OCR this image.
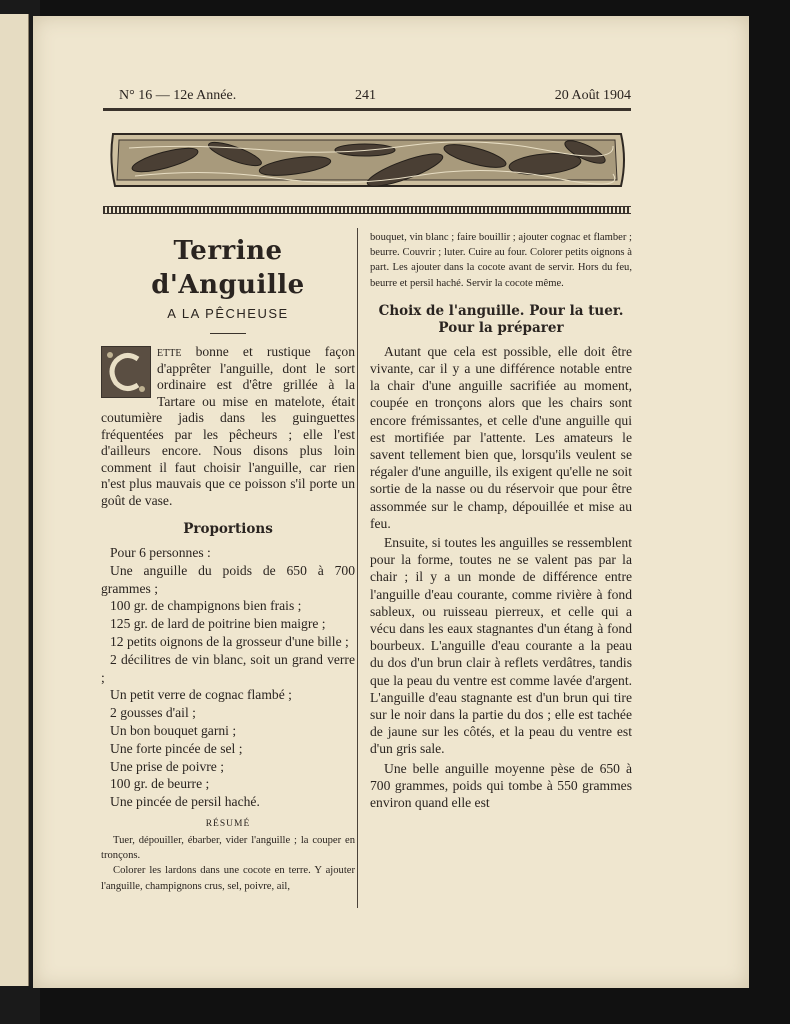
N° 16 — 12e Année.	241	20 Août 1904
Terrine d'Anguille
A LA PÊCHEUSE

ette bonne et rustique façon d'apprêter l'anguille, dont le sort ordinaire est d'être grillée à la Tartare ou mise en matelote, était coutumière jadis dans les guinguettes fréquentées par les pêcheurs ; elle l'est d'ailleurs encore. Nous disons plus loin comment il faut choisir l'anguille, car rien n'est plus mauvais que ce poisson s'il porte un goût de vase.

Proportions

Pour 6 personnes :

Une anguille du poids de 650 à 700 grammes ;

100 gr. de champignons bien frais ;

125 gr. de lard de poitrine bien maigre ;

12 petits oignons de la grosseur d'une bille ;

2 décilitres de vin blanc, soit un grand verre ;

Un petit verre de cognac flambé ;

2 gousses d'ail ;

Un bon bouquet garni ;

Une forte pincée de sel ;

Une prise de poivre ;

100 gr. de beurre ;

Une pincée de persil haché.

RÉSUMÉ

Tuer, dépouiller, ébarber, vider l'anguille ; la couper en tronçons.

Colorer les lardons dans une cocote en terre. Y ajouter l'anguille, champignons crus, sel, poivre, ail,

bouquet, vin blanc ; faire bouillir ; ajouter cognac et flamber ; beurre. Couvrir ; luter. Cuire au four. Colorer petits oignons à part. Les ajouter dans la cocote avant de servir. Hors du feu, beurre et persil haché. Servir la cocote même.

Choix de l'anguille. Pour la tuer. Pour la préparer

Autant que cela est possible, elle doit être vivante, car il y a une différence notable entre la chair d'une anguille sacrifiée au moment, coupée en tronçons alors que les chairs sont encore frémissantes, et celle d'une anguille qui est mortifiée par l'attente. Les amateurs le savent tellement bien que, lorsqu'ils veulent se régaler d'une anguille, ils exigent qu'elle ne soit sortie de la nasse ou du réservoir que pour être assommée sur le champ, dépouillée et mise au feu.

Ensuite, si toutes les anguilles se ressemblent pour la forme, toutes ne se valent pas par la chair ; il y a un monde de différence entre l'anguille d'eau courante, comme rivière à fond sableux, ou ruisseau pierreux, et celle qui a vécu dans les eaux stagnantes d'un étang à fond bourbeux. L'anguille d'eau courante a la peau du dos d'un brun clair à reflets verdâtres, tandis que la peau du ventre est comme lavée d'argent. L'anguille d'eau stagnante est d'un brun qui tire sur le noir dans la partie du dos ; elle est tachée de jaune sur les côtés, et la peau du ventre est d'un gris sale.

Une belle anguille moyenne pèse de 650 à 700 grammes, poids qui tombe à 550 grammes environ quand elle est
